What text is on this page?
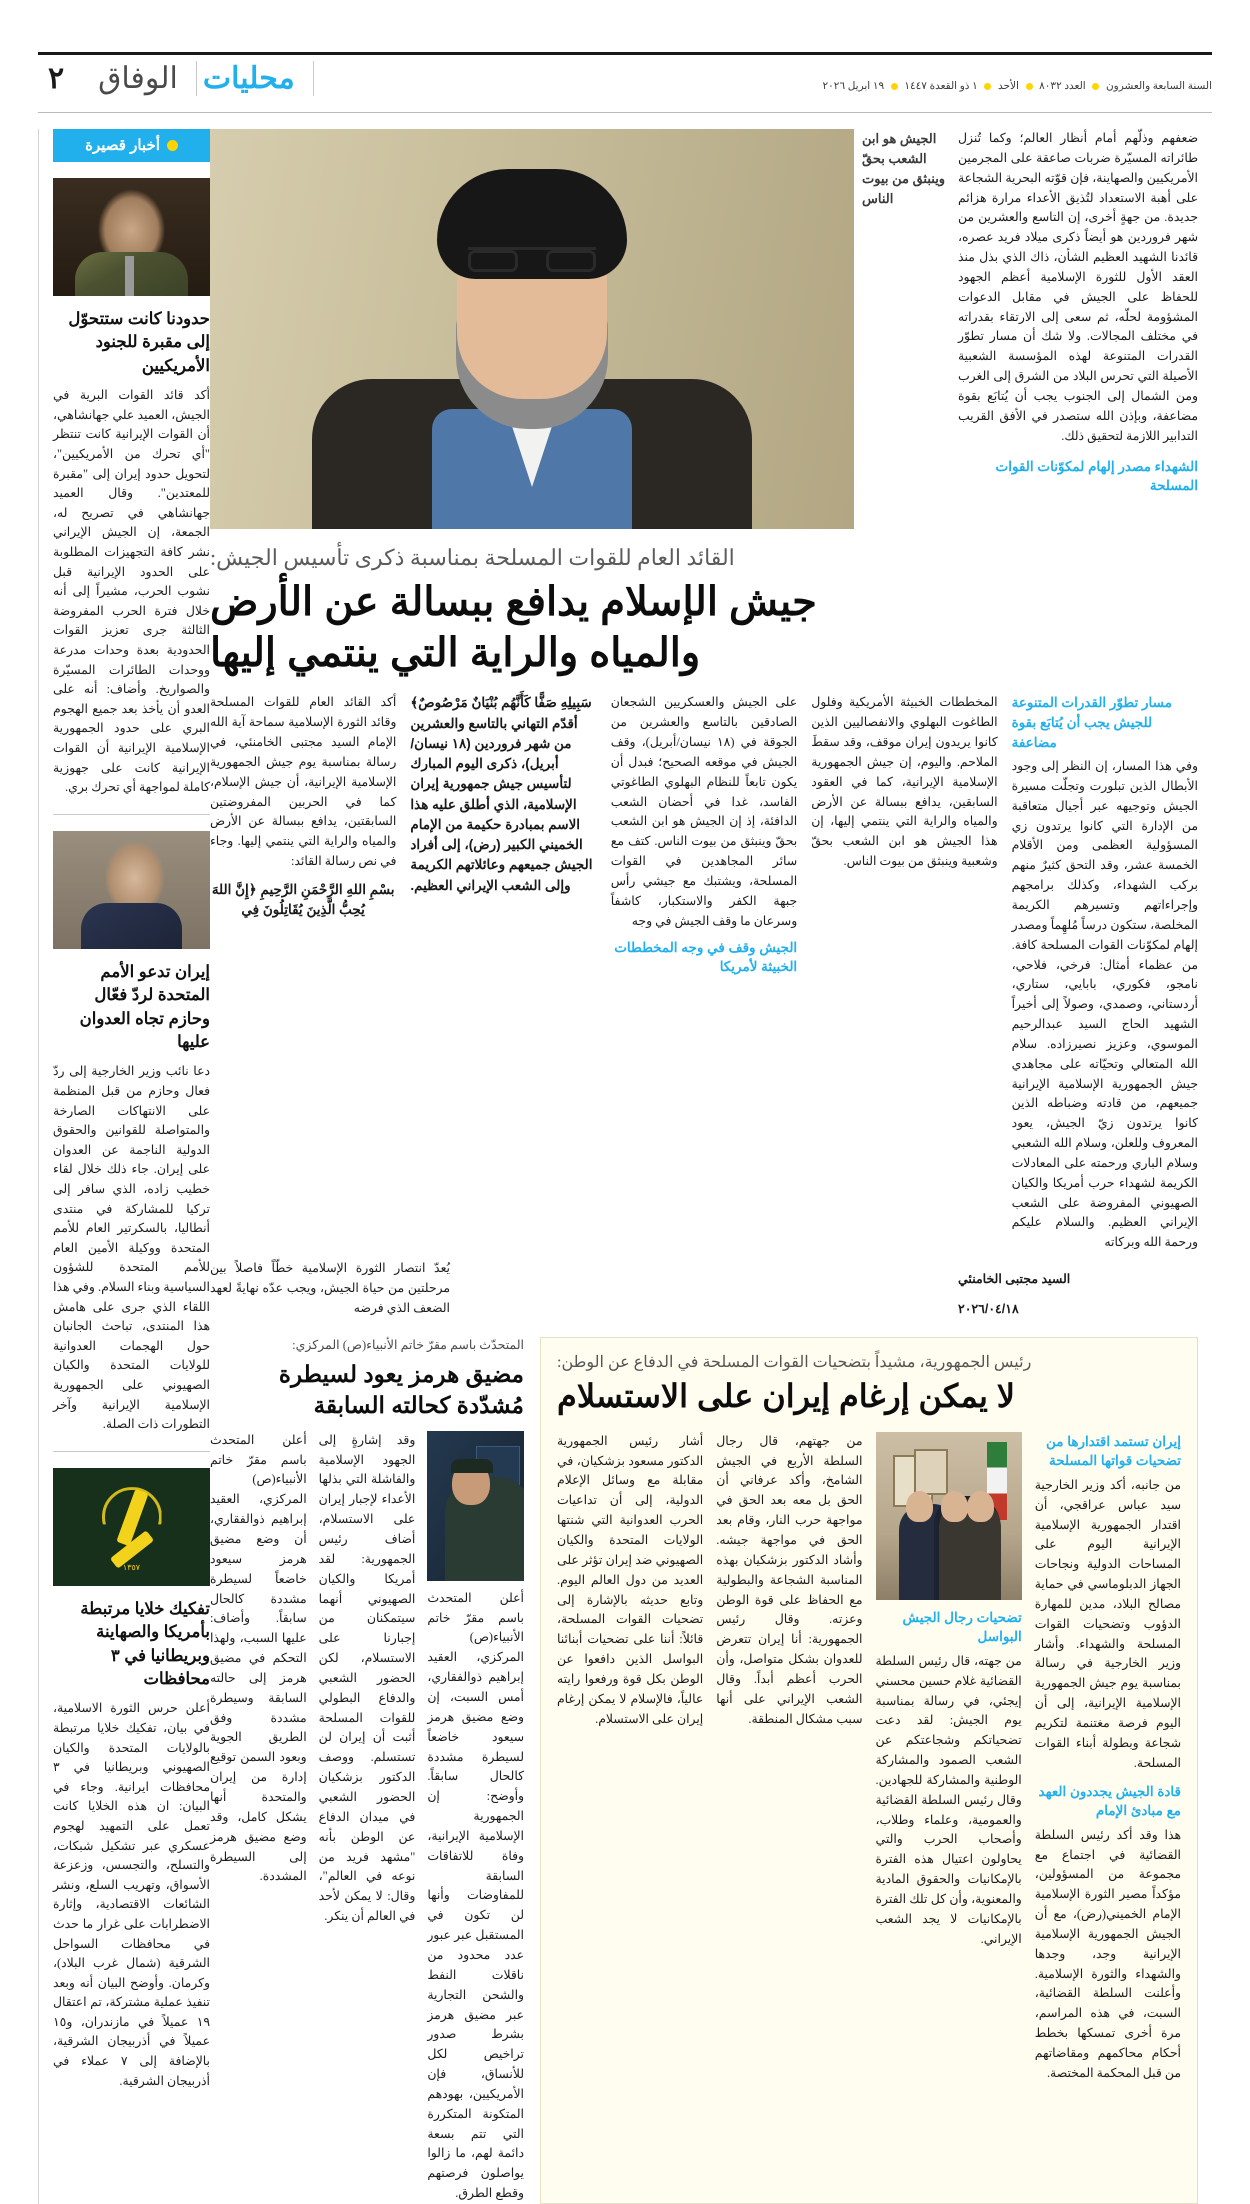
السنة السابعة والعشرون  العدد ٨٠٣٢  الأحد  ١ ذو القعدة ١٤٤٧  ١٩ ابريل ٢٠٢٦
محليات
الوفاق
٢
ضعفهم وذلّهم أمام أنظار العالم؛ وكما تُنزل طائراته المسيّرة ضربات صاعقة على المجرمين الأمريكيين والصهاينة، فإن قوّته البحرية الشجاعة على أهبة الاستعداد لتُذيق الأعداء مرارة هزائم جديدة. من جهةٍ أخرى، إن التاسع والعشرين من شهر فروردين هو أيضاً ذكرى ميلاد فريد عصره، قائدنا الشهيد العظيم الشأن، ذاك الذي بذل منذ العقد الأول للثورة الإسلامية أعظم الجهود للحفاظ على الجيش في مقابل الدعوات المشؤومة لحلّه، ثم سعى إلى الارتقاء بقدراته في مختلف المجالات. ولا شك أن مسار تطوّر القدرات المتنوعة لهذه المؤسسة الشعبية الأصيلة التي تحرس البلاد من الشرق إلى الغرب ومن الشمال إلى الجنوب يجب أن يُتابَع بقوة مضاعفة، وبإذن الله ستصدر في الأفق القريب التدابير اللازمة لتحقيق ذلك.
الشهداء مصدر إلهام لمكوّنات القوات المسلحة
الجيش هو ابن الشعب بحقّ وينبثق من بيوت الناس
القائد العام للقوات المسلحة بمناسبة ذكرى تأسيس الجيش:
جيش الإسلام يدافع ببسالة عن الأرض والمياه والراية التي ينتمي إليها
مسار تطوّر القدرات المتنوعة للجيش يجب أن يُتابَع بقوة مضاعفة
وفي هذا المسار، إن النظر إلى وجود الأبطال الذين تبلورت وتجلّت مسيرة الجيش وتوجيهه عبر أجيال متعاقبة من الإدارة التي كانوا يرتدون زي المسؤولية العظمى ومن الأقلام الخمسة عشر، وقد التحق كثيرٌ منهم بركب الشهداء، وكذلك برامجهم وإجراءاتهم وتسيرهم الكريمة المخلصة، ستكون درساً مُلهِماً ومصدر إلهام لمكوّنات القوات المسلحة كافة. من عظماء أمثال: فرخي، فلاحي، نامجو، فكوري، بابايي، ستاري، أردستاني، وصمدي، وصولاً إلى أخيراً الشهيد الحاج السيد عبدالرحيم الموسوي، وعزيز نصيرزاده. سلام الله المتعالي وتحيّاته على مجاهدي جيش الجمهورية الإسلامية الإيرانية جميعهم، من قادته وضباطه الذين كانوا يرتدون زيّ الجيش، يعود المعروف وللعلن، وسلام الله الشعبي وسلام الباري ورحمته على المعادلات الكريمة لشهداء حرب أمريكا والكيان الصهيوني المفروضة على الشعب الإيراني العظيم. والسلام عليكم ورحمة الله وبركاته
المخططات الخبيثة الأمريكية وفلول الطاغوت البهلوي والانفصاليين الذين كانوا يريدون إيران موقف، وقد سقطَ الملاحم. واليوم، إن جيش الجمهورية الإسلامية الإيرانية، كما في العقود السابقين، يدافع ببسالة عن الأرض والمياه والراية التي ينتمي إليها، إن هذا الجيش هو ابن الشعب بحقّ وشعبية وينبثق من بيوت الناس.
على الجيش والعسكريين الشجعان الصادقين بالتاسع والعشرين من الجوقة في (١٨ نيسان/أبريل)، وقف الجيش في موقعه الصحيح؛ فبدل أن يكون تابعاً للنظام البهلوي الطاغوتي الفاسد، غدا في أحضان الشعب الدافئة، إذ إن الجيش هو ابن الشعب بحقّ وينبثق من بيوت الناس. كتف مع سائر المجاهدين في القوات المسلحة، ويشتبك مع جيشي رأس جبهة الكفر والاستكبار، كاشفاً وسرعان ما وقف الجيش في وجه
الجيش وقف في وجه المخططات الخبيثة لأمريكا
سَبِيلِهِ صَفًّا كَأَنَّهُم بُنْيَانٌ مَرْصُوصٌ﴾ أقدّم التهاني بالتاسع والعشرين من شهر فروردين (١٨ نيسان/أبريل)، ذكرى اليوم المبارك لتأسيس جيش جمهورية إيران الإسلامية، الذي أطلق عليه هذا الاسم بمبادرة حكيمة من الإمام الخميني الكبير (رض)، إلى أفراد الجيش جميعهم وعائلاتهم الكريمة وإلى الشعب الإيراني العظيم.
أكد القائد العام للقوات المسلحة وقائد الثورة الإسلامية سماحة آية الله الإمام السيد مجتبى الخامنئي، في رسالة بمناسبة يوم جيش الجمهورية الإسلامية الإيرانية، أن جيش الإسلام، كما في الحربين المفروضتين السابقتين، يدافع ببسالة عن الأرض والمياه والراية التي ينتمي إليها. وجاء في نص رسالة القائد:
بسْمِ اللهِ الرَّحْمَنِ الرَّحِيمِ ﴿إِنَّ اللهَ يُحِبُّ الَّذِينَ يُقَاتِلُونَ فِي
السيد مجتبى الخامنئي
٢٠٢٦/٠٤/١٨
يُعدّ انتصار الثورة الإسلامية خطّاً فاصلاً بين مرحلتين من حياة الجيش، ويجب عدّه نهايةً لعهد الضعف الذي فرضه
رئيس الجمهورية، مشيداً بتضحيات القوات المسلحة في الدفاع عن الوطن:
لا يمكن إرغام إيران على الاستسلام
إيران تستمد اقتدارها من تضحيات قواتها المسلحة
من جانبه، أكد وزير الخارجية سيد عباس عراقجي، أن اقتدار الجمهورية الإسلامية الإيرانية اليوم على المساحات الدولية ونجاحات الجهاز الدبلوماسي في حماية مصالح البلاد، مدين للمهارة الدؤوب وتضحيات القوات المسلحة والشهداء. وأشار وزير الخارجية في رسالة بمناسبة يوم جيش الجمهورية الإسلامية الإيرانية، إلى أن اليوم فرصة مغتنمة لتكريم شجاعة وبطولة أبناء القوات المسلحة.
قادة الجيش يجددون العهد مع مبادئ الإمام
هذا وقد أكد رئيس السلطة القضائية في اجتماع مع مجموعة من المسؤولين، مؤكداً مصير الثورة الإسلامية الإمام الخميني(رض)، مع أن الجيش الجمهورية الإسلامية الإيرانية وجد، وجدها والشهداء والثورة الإسلامية. وأعلنت السلطة القضائية، السبت، في هذه المراسم، مرة أخرى تمسكها بخطط أحكام محاكمهم ومقاضاتهم من قبل المحكمة المختصة.
تضحيات رجال الجيش البواسل
من جهته، قال رئيس السلطة القضائية غلام حسين محسني إيجئي، في رسالة بمناسبة يوم الجيش: لقد دعت تضحياتكم وشجاعتكم عن الشعب الصمود والمشاركة الوطنية والمشاركة للجهادين. وقال رئيس السلطة القضائية والعمومية، وعلماء وطلاب، وأصحاب الحرب والتي يحاولون اعتيال هذه الفترة بالإمكانيات والحقوق المادية والمعنوية، وأن كل تلك الفترة بالإمكانيات لا يجد الشعب الإيراني.
من جهتهم، قال رجال السلطة الأربع في الجيش الشامخ، وأكد عرفاني أن الحق بل معه بعد الحق في مواجهة حرب النار، وقام بعد الحق في مواجهة جيشه. وأشاد الدكتور بزشكيان بهذه المناسبة الشجاعة والبطولية مع الحفاظ على قوة الوطن وعزته. وقال رئيس الجمهورية: أنا إيران تتعرض للعدوان بشكل متواصل، وأن الحرب أعظم أبداً. وقال الشعب الإيراني على أنها سبب مشكال المنطقة.
أشار رئيس الجمهورية الدكتور مسعود بزشكيان، في مقابلة مع وسائل الإعلام الدولية، إلى أن تداعيات الحرب العدوانية التي شنتها الولايات المتحدة والكيان الصهيوني ضد إيران تؤثر على العديد من دول العالم اليوم. وتابع حديثه بالإشارة إلى تضحيات القوات المسلحة، قائلاً: أننا على تضحيات أبنائنا البواسل الذين دافعوا عن الوطن بكل قوة ورفعوا رايته عالياً، فالإسلام لا يمكن إرغام إيران على الاستسلام.
المتحدّث باسم مقرّ خاتم الأنبياء(ص) المركزي:
مضيق هرمز يعود لسيطرة مُشدّدة كحالته السابقة
أعلن المتحدث باسم مقرّ خاتم الأنبياء(ص) المركزي، العقيد إبراهيم ذوالفقاري، أمس السبت، إن وضع مضيق هرمز سيعود خاضعاً لسيطرة مشددة كالحال سابقاً. وأوضح: إن الجمهورية الإسلامية الإيرانية، وفاة للاتفاقات السابقة للمفاوضات وأنها لن تكون في المستقبل عبر عبور عدد محدود من ناقلات النفط والشحن التجارية عبر مضيق هرمز بشرط صدور تراخيص لكل للأنساق، فإن الأمريكيين، بهودهم المتكونة المتكررة التي تتم بسعة دائمة لهم، ما زالوا يواصلون فرصتهم وقطع الطرق.
وقد إشارةٍ إلى الجهود الإسلامية والفاشلة التي بذلها الأعداء لإجبار إيران على الاستسلام، أضاف رئيس الجمهورية: لقد أمريكا والكيان الصهيوني أنهما سيتمكنان من إجبارنا على الاستسلام، لكن الحضور الشعبي والدفاع البطولي للقوات المسلحة أثبت أن إيران لن تستسلم. ووصف الدكتور بزشكيان الحضور الشعبي في ميدان الدفاع عن الوطن بأنه "مشهد فريد من نوعه في العالم"، وقال: لا يمكن لأحد في العالم أن ينكر.
أعلن المتحدث باسم مقرّ خاتم الأنبياء(ص) المركزي، العقيد إبراهيم ذوالفقاري، أن وضع مضيق هرمز سيعود خاضعاً لسيطرة مشددة كالحال سابقاً. وأضاف: عليها السبب، ولهذا التحكم في مضيق هرمز إلى حالته السابقة وسيطرة مشددة وفق الطريق الجوية وبعود السمن توقيع إدارة من إيران والمتحدة أنها يشكل كامل، وقد وضع مضيق هرمز إلى السيطرة المشددة.
أخبار قصيرة
حدودنا كانت ستتحوّل إلى مقبرة للجنود الأمريكيين
أكد قائد القوات البرية في الجيش، العميد علي جهانشاهي، أن القوات الإيرانية كانت تنتظر "أي تحرك من الأمريكيين"، لتحويل حدود إيران إلى "مقبرة للمعتدين". وقال العميد جهانشاهي في تصريح له، الجمعة، إن الجيش الإيراني نشر كافة التجهيزات المطلوبة على الحدود الإيرانية قبل نشوب الحرب، مشيراً إلى أنه خلال فترة الحرب المفروضة الثالثة جرى تعزيز القوات الحدودية بعدة وحدات مدرعة ووحدات الطائرات المسيّرة والصواريخ. وأضاف: أنه على العدو أن يأخذ بعد جميع الهجوم البري على حدود الجمهورية الإسلامية الإيرانية أن القوات الإيرانية كانت على جهوزية كاملة لمواجهة أي تحرك بري.
إيران تدعو الأمم المتحدة لردّ فعّال وحازم تجاه العدوان عليها
دعا نائب وزير الخارجية إلى ردّ فعال وحازم من قبل المنظمة على الانتهاكات الصارخة والمتواصلة للقوانين والحقوق الدولية الناجمة عن العدوان على إيران. جاء ذلك خلال لقاء خطيب زاده، الذي سافر إلى تركيا للمشاركة في منتدى أنطاليا، بالسكرتير العام للأمم المتحدة ووكيلة الأمين العام للأمم المتحدة للشؤون السياسية وبناء السلام. وفي هذا اللقاء الذي جرى على هامش هذا المنتدى، تباحث الجانبان حول الهجمات العدوانية للولايات المتحدة والكيان الصهيوني على الجمهورية الإسلامية الإيرانية وآخر التطورات ذات الصلة.
١٣٥٧
تفكيك خلايا مرتبطة بأمريكا والصهاينة وبريطانيا في ٣ محافظات
أعلن حرس الثورة الاسلامية، في بيان، تفكيك خلايا مرتبطة بالولايات المتحدة والكيان الصهيوني وبريطانيا في ٣ محافظات ايرانية. وجاء في البيان: ان هذه الخلايا كانت تعمل على التمهيد لهجوم عسكري عبر تشكيل شبكات، والتسلح، والتجسس، وزعزعة الأسواق، وتهريب السلع، ونشر الشائعات الاقتصادية، وإثارة الاضطرابات على غرار ما حدث في محافظات السواحل الشرقية (شمال غرب البلاد)، وكرمان. وأوضح البيان أنه وبعد تنفيذ عملية مشتركة، تم اعتقال ١٩ عميلاً في مازندران، و١٥ عميلاً في أذربيجان الشرقية، بالإضافة إلى ٧ عملاء في أذربيجان الشرقية.
